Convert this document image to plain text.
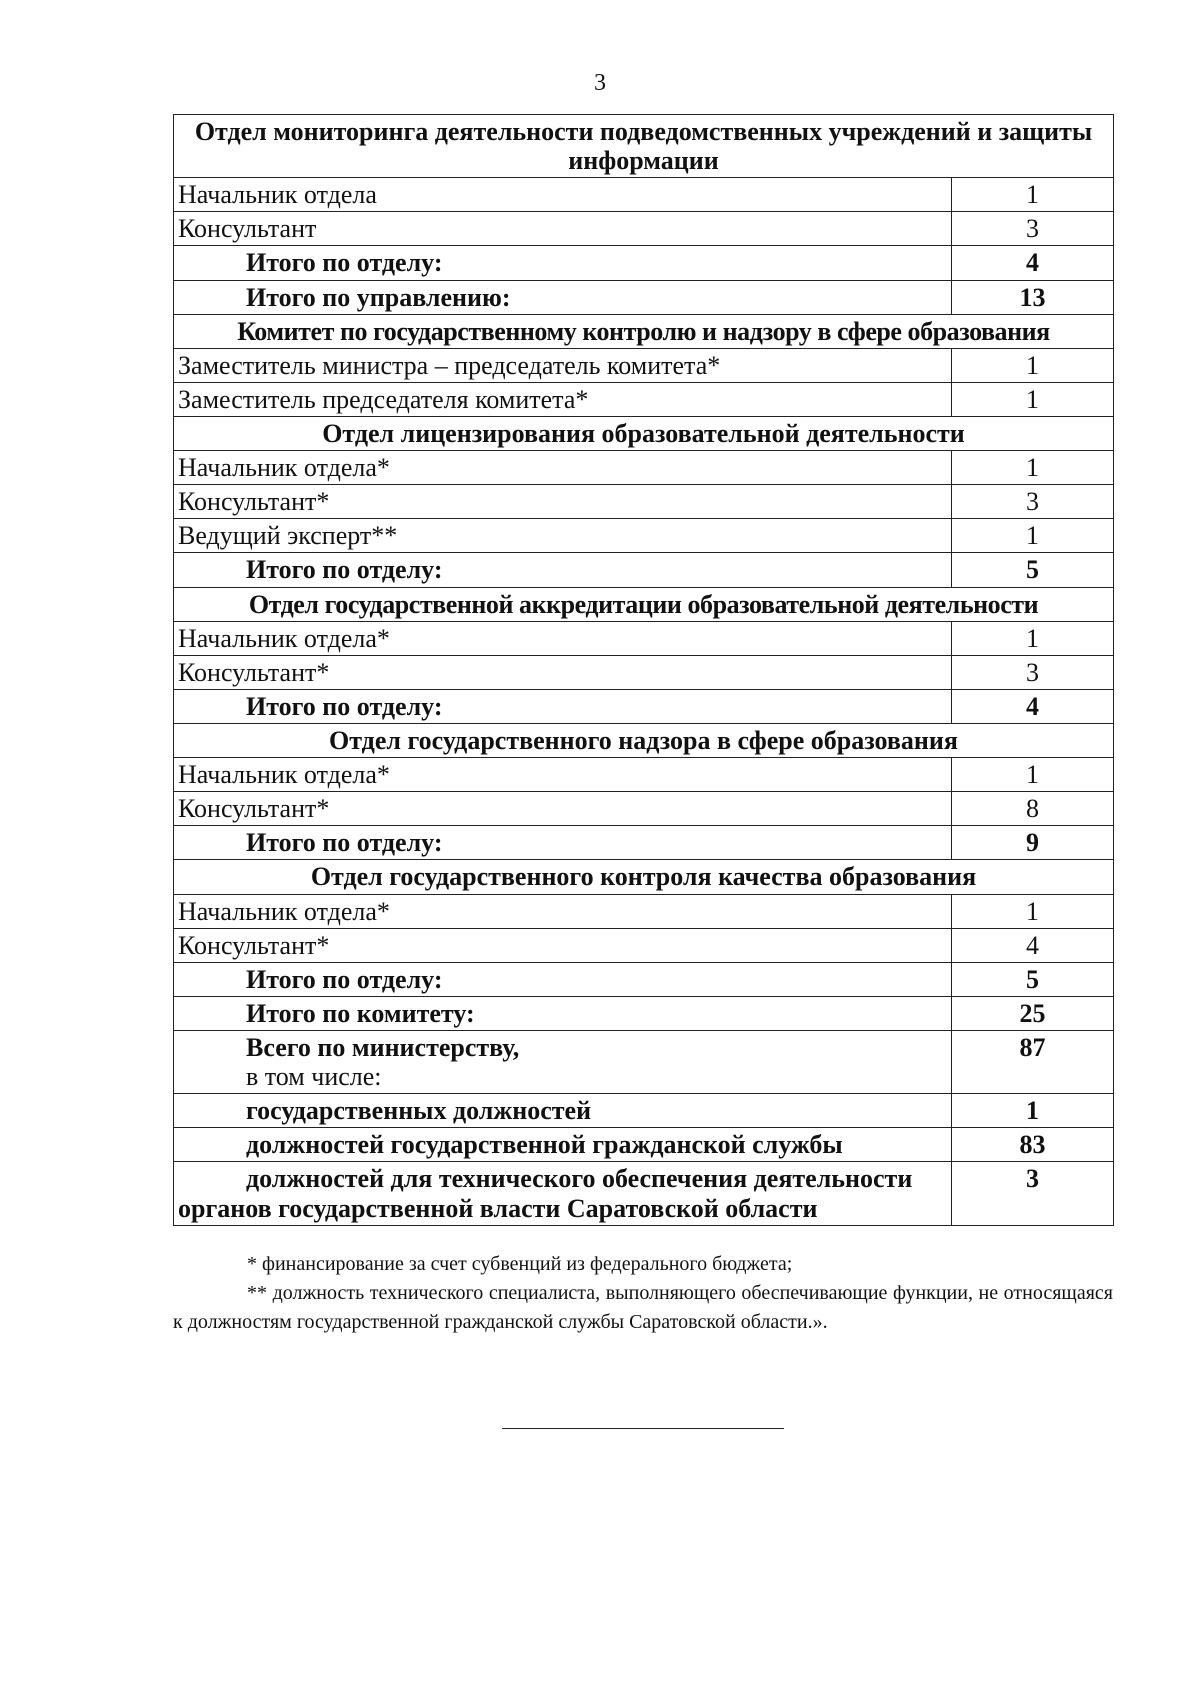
3
Отдел мониторинга деятельности подведомственных учреждений и защиты информации	
Начальник отдела	1
Консультант	3
Итого по отделу:	4
Итого по управлению:	13
Комитет по государственному контролю и надзору в сфере образования	
Заместитель министра – председатель комитета*	1
Заместитель председателя комитета*	1
Отдел лицензирования образовательной деятельности	
Начальник отдела*	1
Консультант*	3
Ведущий эксперт**	1
Итого по отделу:	5
Отдел государственной аккредитации образовательной деятельности	
Начальник отдела*	1
Консультант*	3
Итого по отделу:	4
Отдел государственного надзора в сфере образования	
Начальник отдела*	1
Консультант*	8
Итого по отделу:	9
Отдел государственного контроля качества образования	
Начальник отдела*	1
Консультант*	4
Итого по отделу:	5
Итого по комитету:	25
Всего по министерству,
в том числе:	87
государственных должностей	1
должностей государственной гражданской службы	83
должностей для технического обеспечения деятельности органов государственной власти Саратовской области	3

* финансирование за счет субвенций из федерального бюджета;

** должность технического специалиста, выполняющего обеспечивающие функции, не относящаяся к должностям государственной гражданской службы Саратовской области.».
